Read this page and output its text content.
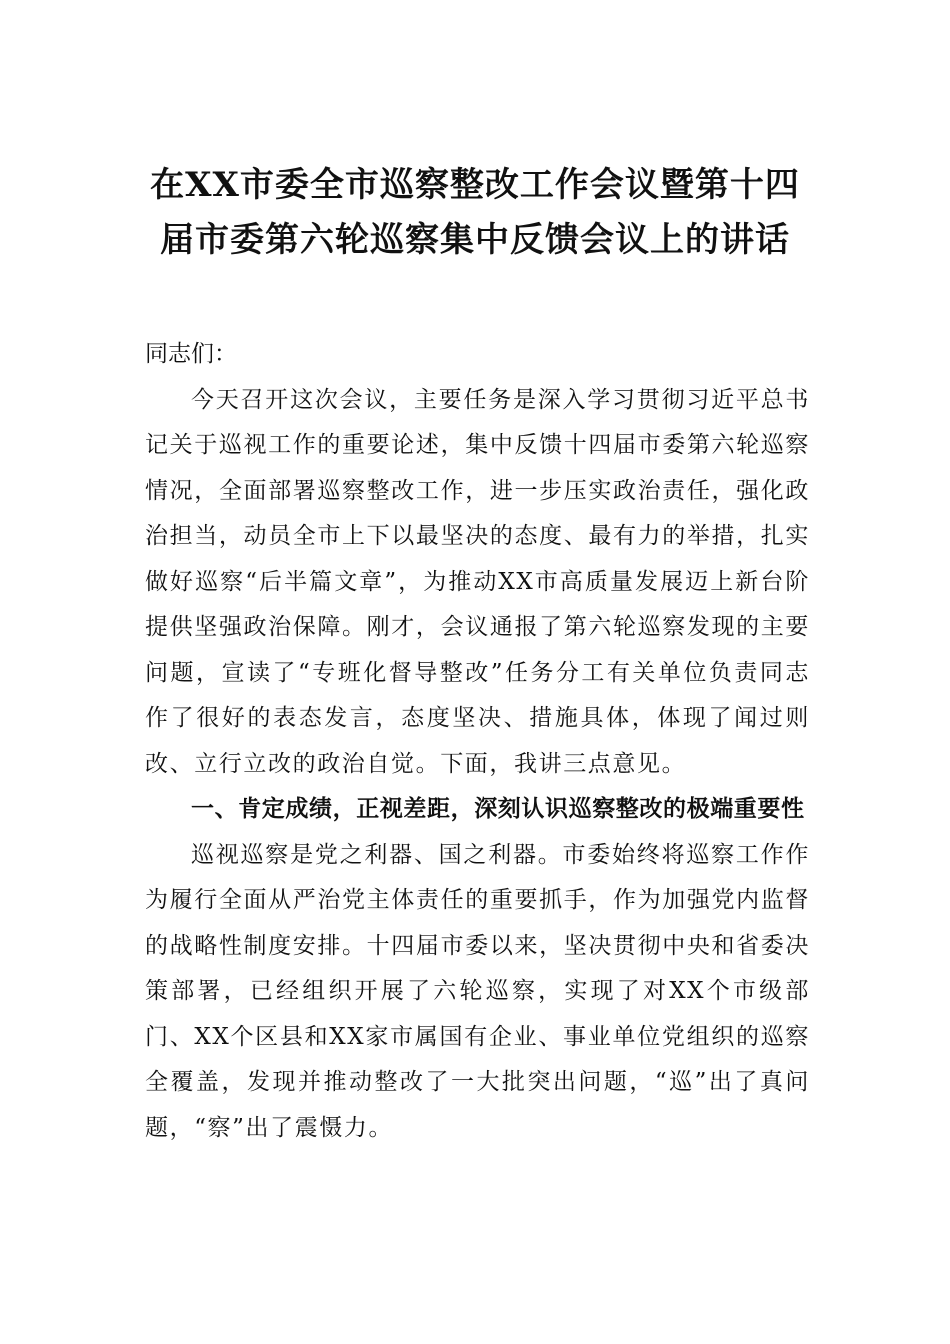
在XX市委全市巡察整改工作会议暨第十四
届市委第六轮巡察集中反馈会议上的讲话

同志们：

今天召开这次会议，主要任务是深入学习贯彻习近平总书记关于巡视工作的重要论述，集中反馈十四届市委第六轮巡察情况，全面部署巡察整改工作，进一步压实政治责任，强化政治担当，动员全市上下以最坚决的态度、最有力的举措，扎实做好巡察“后半篇文章”，为推动XX市高质量发展迈上新台阶提供坚强政治保障。刚才，会议通报了第六轮巡察发现的主要问题，宣读了“专班化督导整改”任务分工有关单位负责同志作了很好的表态发言，态度坚决、措施具体，体现了闻过则改、立行立改的政治自觉。下面，我讲三点意见。

一、肯定成绩，正视差距，深刻认识巡察整改的极端重要性

巡视巡察是党之利器、国之利器。市委始终将巡察工作作为履行全面从严治党主体责任的重要抓手，作为加强党内监督的战略性制度安排。十四届市委以来，坚决贯彻中央和省委决策部署，已经组织开展了六轮巡察，实现了对XX个市级部门、XX个区县和XX家市属国有企业、事业单位党组织的巡察全覆盖，发现并推动整改了一大批突出问题，“巡”出了真问题，“察”出了震慑力。
